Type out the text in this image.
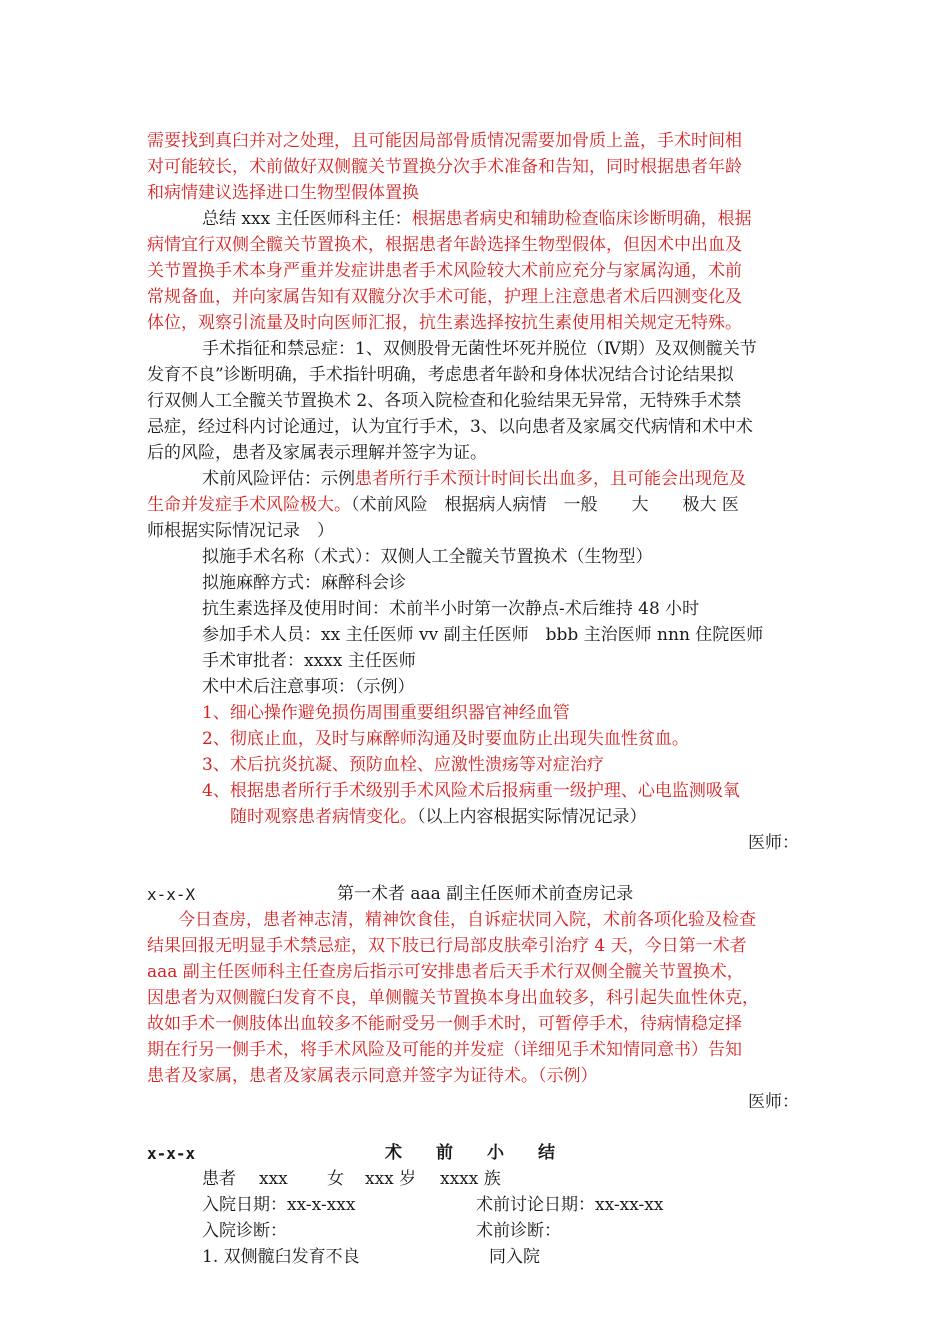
需要找到真臼并对之处理，且可能因局部骨质情况需要加骨质上盖，手术时间相
对可能较长，术前做好双侧髋关节置换分次手术准备和告知，同时根据患者年龄
和病情建议选择进口生物型假体置换
总结 xxx 主任医师科主任：根据患者病史和辅助检查临床诊断明确，根据
病情宜行双侧全髋关节置换术，根据患者年龄选择生物型假体，但因术中出血及
关节置换手术本身严重并发症讲患者手术风险较大术前应充分与家属沟通，术前
常规备血，并向家属告知有双髋分次手术可能，护理上注意患者术后四测变化及
体位，观察引流量及时向医师汇报，抗生素选择按抗生素使用相关规定无特殊。
手术指征和禁忌症：1、双侧股骨无菌性坏死并脱位（Ⅳ期）及双侧髋关节
发育不良”诊断明确，手术指针明确，考虑患者年龄和身体状况结合讨论结果拟
行双侧人工全髋关节置换术 2、各项入院检查和化验结果无异常，无特殊手术禁
忌症，经过科内讨论通过，认为宜行手术，3、以向患者及家属交代病情和术中术
后的风险，患者及家属表示理解并签字为证。
术前风险评估：示例患者所行手术预计时间长出血多，且可能会出现危及
生命并发症手术风险极大。（术前风险　根据病人病情　一般　　大　　极大 医
师根据实际情况记录　）
拟施手术名称（术式）：双侧人工全髋关节置换术（生物型）
拟施麻醉方式：麻醉科会诊
抗生素选择及使用时间：术前半小时第一次静点-术后维持 48 小时
参加手术人员：xx 主任医师 vv 副主任医师　bbb 主治医师 nnn 住院医师
手术审批者：xxxx 主任医师
术中术后注意事项：（示例）
1、细心操作避免损伤周围重要组织器官神经血管
2、彻底止血，及时与麻醉师沟通及时要血防止出现失血性贫血。
3、术后抗炎抗凝、预防血栓、应激性溃疡等对症治疗
4、根据患者所行手术级别手术风险术后报病重一级护理、心电监测吸氧
随时观察患者病情变化。（以上内容根据实际情况记录）
医师：
x-x-X	第一术者 aaa 副主任医师术前查房记录
今日查房，患者神志清，精神饮食佳，自诉症状同入院，术前各项化验及检查
结果回报无明显手术禁忌症，双下肢已行局部皮肤牵引治疗 4 天，今日第一术者
aaa 副主任医师科主任查房后指示可安排患者后天手术行双侧全髋关节置换术，
因患者为双侧髋臼发育不良，单侧髋关节置换本身出血较多，科引起失血性休克，
故如手术一侧肢体出血较多不能耐受另一侧手术时，可暂停手术，待病情稳定择
期在行另一侧手术，将手术风险及可能的并发症（详细见手术知情同意书）告知
患者及家属，患者及家属表示同意并签字为证待术。（示例）
医师：
x-x-x	术　　前　　小　　结
患者 xxx 女 xxx 岁 xxxx 族
入院日期：xx-x-xxx	术前讨论日期：xx-xx-xx
入院诊断：	术前诊断：
1. 双侧髋臼发育不良	同入院
